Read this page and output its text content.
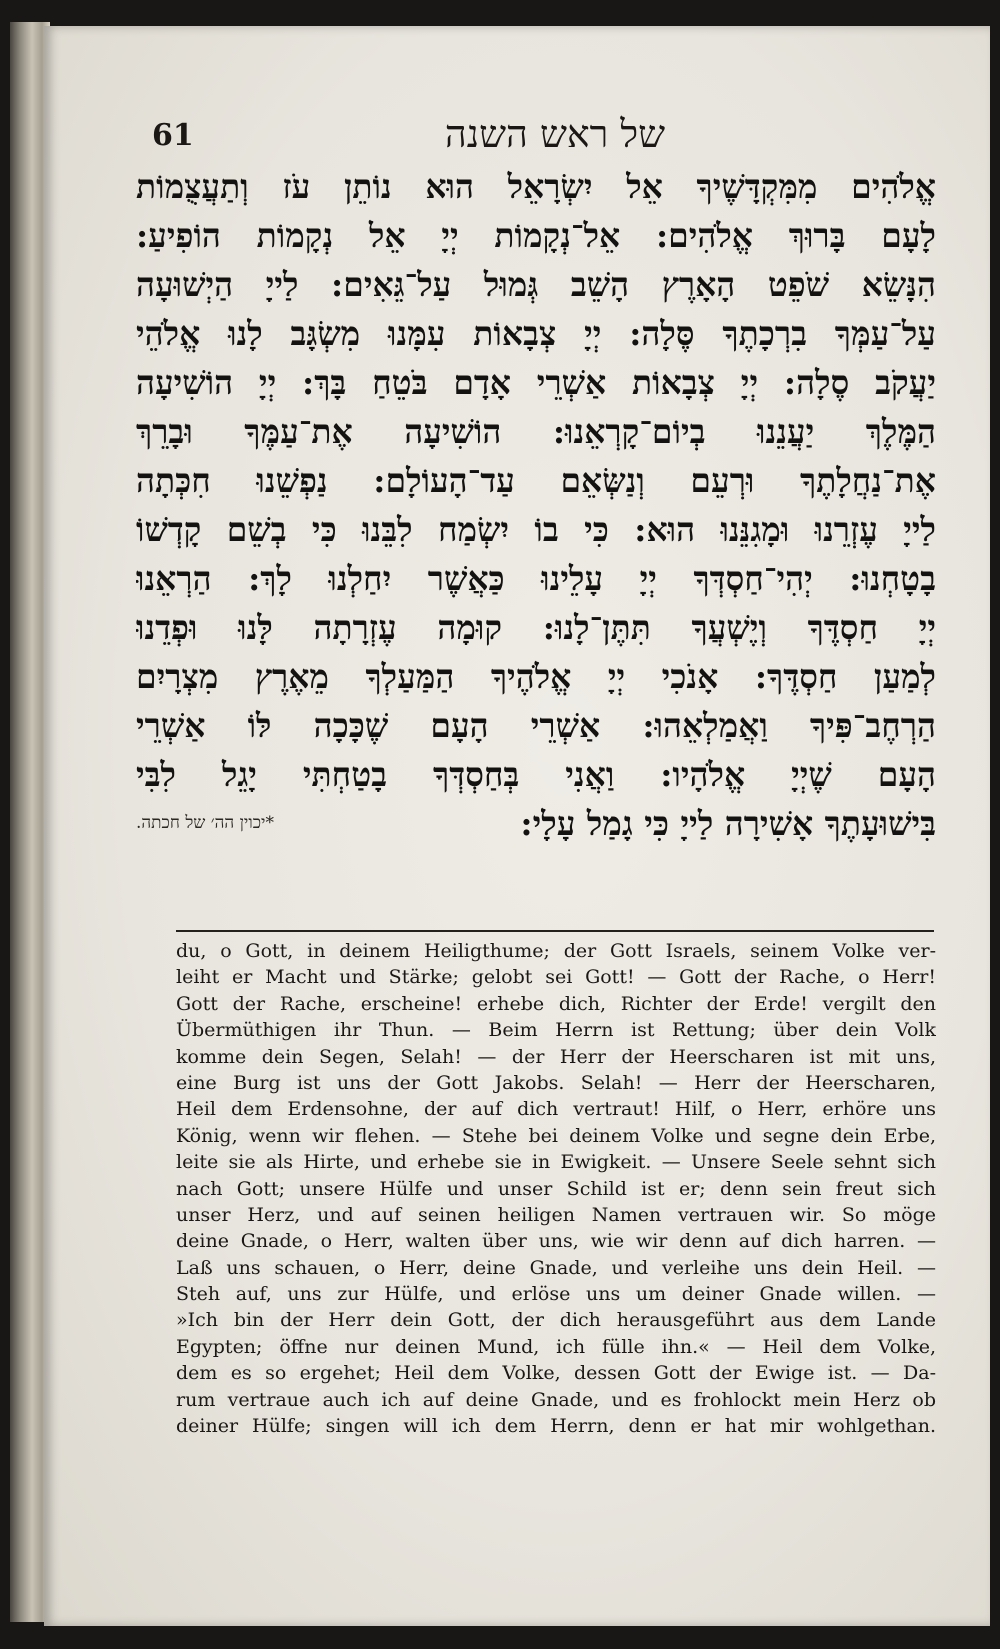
61	של ראש השנה
אֱלֹהִים מִמִּקְדָּשֶׁיךָ אֵל יִשְׂרָאֵל הוּא נוֹתֵן עֹז וְתַעֲצֻמוֹת
לָעָם בָּרוּךְ אֱלֹהִים: אֵל־נְקָמוֹת יְיָ אֵל נְקָמוֹת הוֹפִיעַ:
הִנָּשֵׂא שֹׁפֵט הָאָרֶץ הָשֵׁב גְּמוּל עַל־גֵּאִים: לַייָ הַיְשׁוּעָה
עַל־עַמְּךָ בִרְכָתֶךָ סֶּלָה: יְיָ צְבָאוֹת עִמָּנוּ מִשְׂגָּב לָנוּ אֱלֹהֵי
יַעֲקֹב סֶלָה: יְיָ צְבָאוֹת אַשְׁרֵי אָדָם בֹּטֵחַ בָּךְ: יְיָ הוֹשִׁיעָה
הַמֶּלֶךְ יַעֲנֵנוּ בְיוֹם־קָרְאֵנוּ: הוֹשִׁיעָה אֶת־עַמֶּךָ וּבָרֵךְ
אֶת־נַחֲלָתֶךָ וּרְעֵם וְנַשְּׂאֵם עַד־הָעוֹלָם: נַפְשֵׁנוּ חִכְּתָה
לַייָ עֶזְרֵנוּ וּמָגִנֵּנוּ הוּא: כִּי בוֹ יִשְׂמַח לִבֵּנוּ כִּי בְשֵׁם קָדְשׁוֹ
בָטָחְנוּ: יְהִי־חַסְדְּךָ יְיָ עָלֵינוּ כַּאֲשֶׁר יִחַלְנוּ לָךְ: הַרְאֵנוּ
יְיָ חַסְדֶּךָ וְיֶשְׁעֲךָ תִּתֶּן־לָנוּ: קוּמָה עֶזְרָתָה לָּנוּ וּפְדֵנוּ
לְמַעַן חַסְדֶּךָ: אָנֹכִי יְיָ אֱלֹהֶיךָ הַמַּעַלְךָ מֵאֶרֶץ מִצְרָיִם
הַרְחֶב־פִּיךָ וַאֲמַלְאֵהוּ: אַשְׁרֵי הָעָם שֶׁכָּכָה לּוֹ אַשְׁרֵי
הָעָם שֶׁיְיָ אֱלֹהָיו: וַאֲנִי בְּחַסְדְּךָ בָטַחְתִּי יָגֵל לִבִּי
בִּישׁוּעָתֶךָ אָשִׁירָה לַייָ כִּי גָמַל עָלָי:
*יכוין הה׳ של חכתה.
du, o Gott, in deinem Heiligthume; der Gott Israels, seinem Volke ver-
leiht er Macht und Stärke; gelobt sei Gott! — Gott der Rache, o Herr!
Gott der Rache, erscheine! erhebe dich, Richter der Erde! vergilt den
Übermüthigen ihr Thun. — Beim Herrn ist Rettung; über dein Volk
komme dein Segen, Selah! — der Herr der Heerscharen ist mit uns,
eine Burg ist uns der Gott Jakobs. Selah! — Herr der Heerscharen,
Heil dem Erdensohne, der auf dich vertraut! Hilf, o Herr, erhöre uns
König, wenn wir flehen. — Stehe bei deinem Volke und segne dein Erbe,
leite sie als Hirte, und erhebe sie in Ewigkeit. — Unsere Seele sehnt sich
nach Gott; unsere Hülfe und unser Schild ist er; denn sein freut sich
unser Herz, und auf seinen heiligen Namen vertrauen wir. So möge
deine Gnade, o Herr, walten über uns, wie wir denn auf dich harren. —
Laß uns schauen, o Herr, deine Gnade, und verleihe uns dein Heil. —
Steh auf, uns zur Hülfe, und erlöse uns um deiner Gnade willen. —
»Ich bin der Herr dein Gott, der dich herausgeführt aus dem Lande
Egypten; öffne nur deinen Mund, ich fülle ihn.« — Heil dem Volke,
dem es so ergehet; Heil dem Volke, dessen Gott der Ewige ist. — Da-
rum vertraue auch ich auf deine Gnade, und es frohlockt mein Herz ob
deiner Hülfe; singen will ich dem Herrn, denn er hat mir wohlgethan.
